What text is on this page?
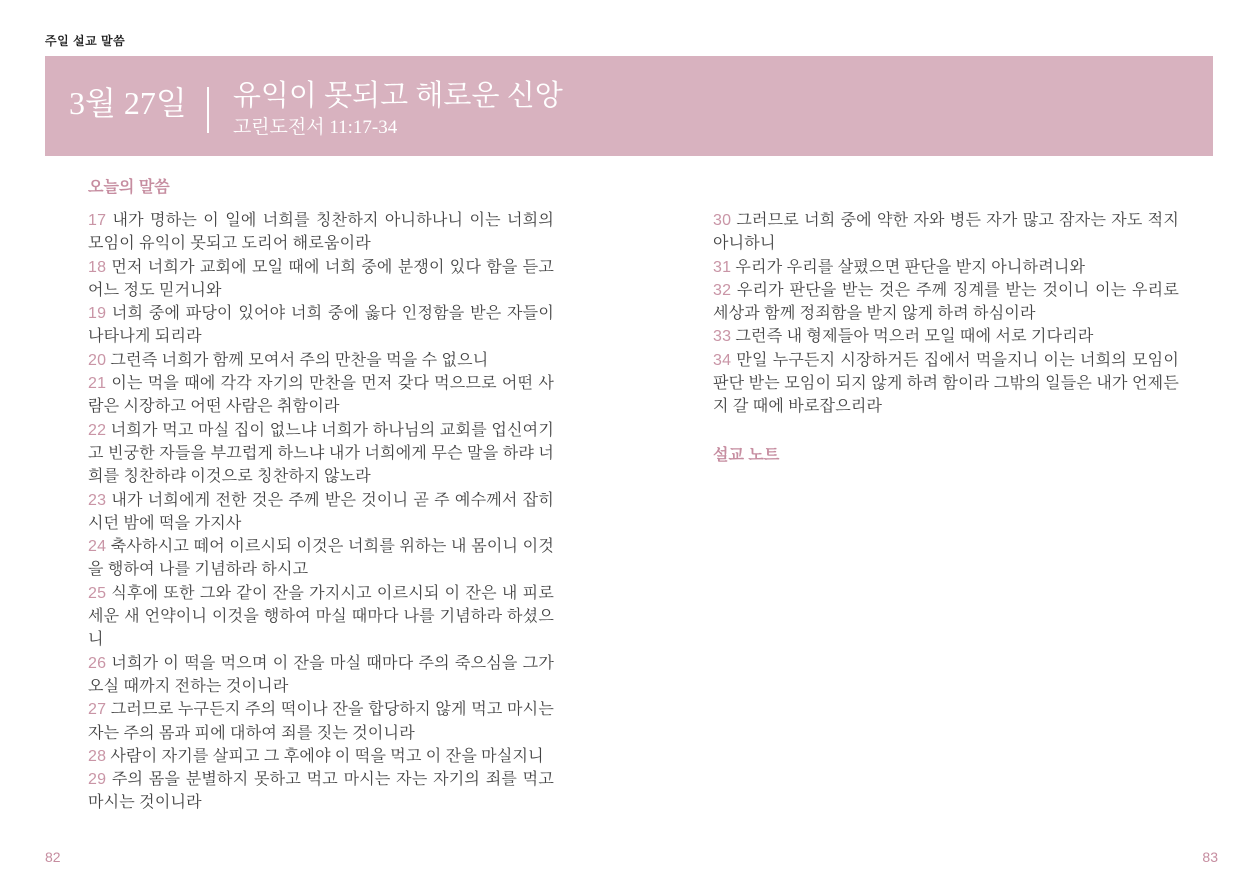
주일 설교 말씀
3월 27일 유익이 못되고 해로운 신앙
고린도전서 11:17-34
오늘의 말씀

17 내가 명하는 이 일에 너희를 칭찬하지 아니하나니 이는 너희의 모임이 유익이 못되고 도리어 해로움이라

18 먼저 너희가 교회에 모일 때에 너희 중에 분쟁이 있다 함을 듣고 어느 정도 믿거니와

19 너희 중에 파당이 있어야 너희 중에 옳다 인정함을 받은 자들이 나타나게 되리라

20 그런즉 너희가 함께 모여서 주의 만찬을 먹을 수 없으니

21 이는 먹을 때에 각각 자기의 만찬을 먼저 갖다 먹으므로 어떤 사람은 시장하고 어떤 사람은 취함이라

22 너희가 먹고 마실 집이 없느냐 너희가 하나님의 교회를 업신여기고 빈궁한 자들을 부끄럽게 하느냐 내가 너희에게 무슨 말을 하랴 너희를 칭찬하랴 이것으로 칭찬하지 않노라

23 내가 너희에게 전한 것은 주께 받은 것이니 곧 주 예수께서 잡히시던 밤에 떡을 가지사

24 축사하시고 떼어 이르시되 이것은 너희를 위하는 내 몸이니 이것을 행하여 나를 기념하라 하시고

25 식후에 또한 그와 같이 잔을 가지시고 이르시되 이 잔은 내 피로 세운 새 언약이니 이것을 행하여 마실 때마다 나를 기념하라 하셨으니

26 너희가 이 떡을 먹으며 이 잔을 마실 때마다 주의 죽으심을 그가 오실 때까지 전하는 것이니라

27 그러므로 누구든지 주의 떡이나 잔을 합당하지 않게 먹고 마시는 자는 주의 몸과 피에 대하여 죄를 짓는 것이니라

28 사람이 자기를 살피고 그 후에야 이 떡을 먹고 이 잔을 마실지니

29 주의 몸을 분별하지 못하고 먹고 마시는 자는 자기의 죄를 먹고 마시는 것이니라

30 그러므로 너희 중에 약한 자와 병든 자가 많고 잠자는 자도 적지 아니하니

31 우리가 우리를 살폈으면 판단을 받지 아니하려니와

32 우리가 판단을 받는 것은 주께 징계를 받는 것이니 이는 우리로 세상과 함께 정죄함을 받지 않게 하려 하심이라

33 그런즉 내 형제들아 먹으러 모일 때에 서로 기다리라

34 만일 누구든지 시장하거든 집에서 먹을지니 이는 너희의 모임이 판단 받는 모임이 되지 않게 하려 함이라 그밖의 일들은 내가 언제든지 갈 때에 바로잡으리라

설교 노트
82	83
